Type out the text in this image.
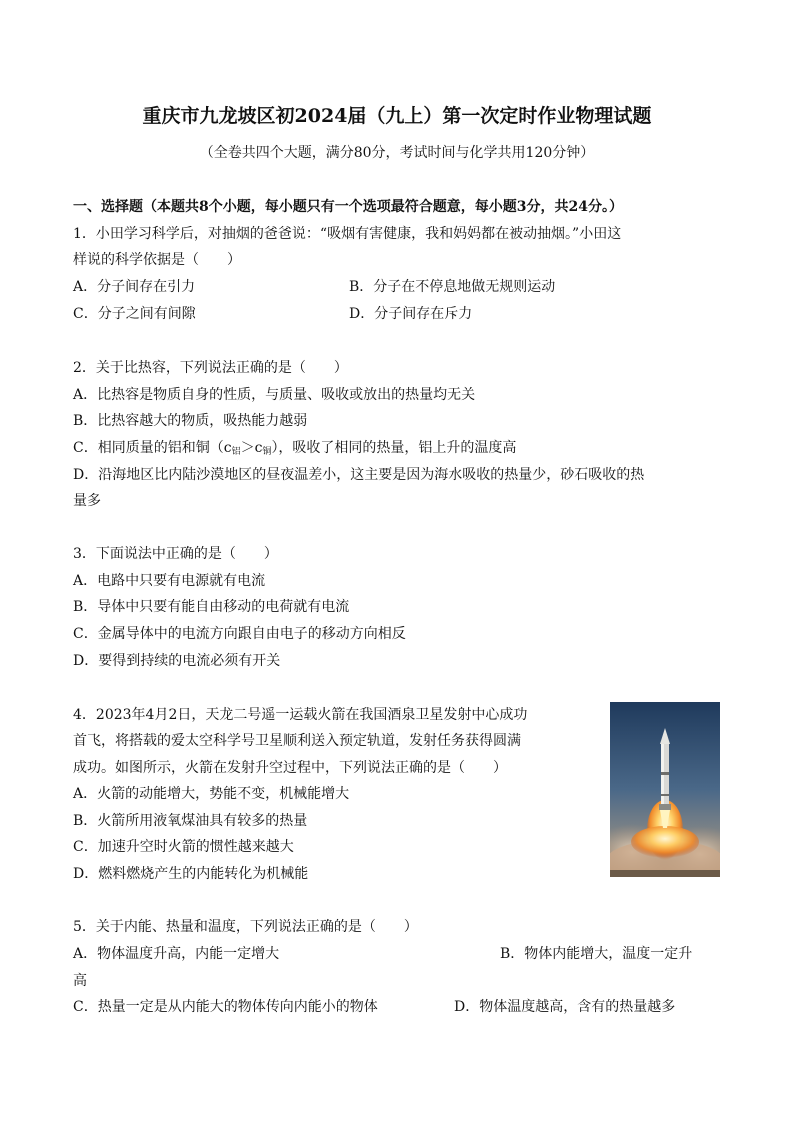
重庆市九龙坡区初2024届（九上）第一次定时作业物理试题
（全卷共四个大题，满分80分，考试时间与化学共用120分钟）
一、选择题（本题共8个小题，每小题只有一个选项最符合题意，每小题3分，共24分。）
1．小田学习科学后，对抽烟的爸爸说：“吸烟有害健康，我和妈妈都在被动抽烟。”小田这
样说的科学依据是（　　）
A．分子间存在引力	B．分子在不停息地做无规则运动
C．分子之间有间隙	D．分子间存在斥力
2．关于比热容，下列说法正确的是（　　）
A．比热容是物质自身的性质，与质量、吸收或放出的热量均无关
B．比热容越大的物质，吸热能力越弱
C．相同质量的铝和铜$(c_铝>c_铜)$，吸收了相同的热量，铝上升的温度高
D．沿海地区比内陆沙漠地区的昼夜温差小，这主要是因为海水吸收的热量少，砂石吸收的热
量多
3．下面说法中正确的是（　　）
A．电路中只要有电源就有电流
B．导体中只要有能自由移动的电荷就有电流
C．金属导体中的电流方向跟自由电子的移动方向相反
D．要得到持续的电流必须有开关
4．2023年4月2日，天龙二号遥一运载火箭在我国酒泉卫星发射中心成功
首飞，将搭载的爱太空科学号卫星顺利送入预定轨道，发射任务获得圆满
成功。如图所示，火箭在发射升空过程中，下列说法正确的是（　　）
A．火箭的动能增大，势能不变，机械能增大
B．火箭所用液氧煤油具有较多的热量
C．加速升空时火箭的惯性越来越大
D．燃料燃烧产生的内能转化为机械能
5．关于内能、热量和温度，下列说法正确的是（　　）
A．物体温度升高，内能一定增大	B．物体内能增大，温度一定升
高
C．热量一定是从内能大的物体传向内能小的物体	D．物体温度越高，含有的热量越多
